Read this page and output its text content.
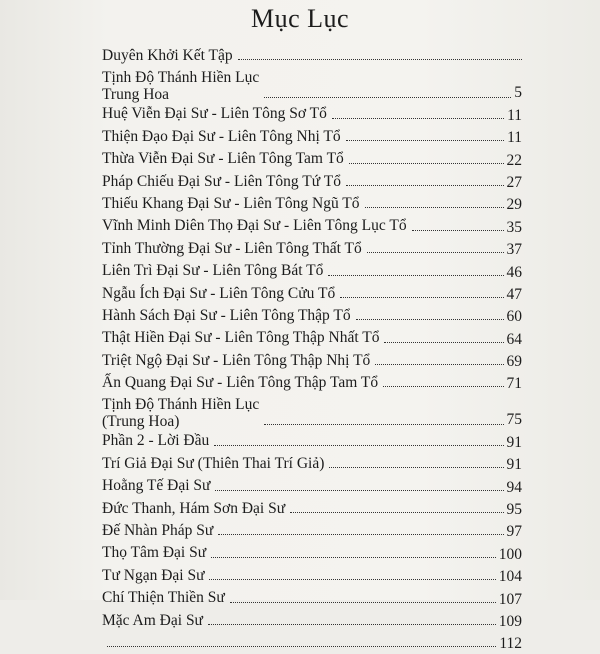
Mục Lục
Duyên Khởi Kết Tập
Tịnh Độ Thánh Hiền Lục
Trung Hoa	5
Huệ Viễn Đại Sư - Liên Tông Sơ Tổ	11
Thiện Đạo Đại Sư - Liên Tông Nhị Tổ	11
Thừa Viễn Đại Sư - Liên Tông Tam Tổ	22
Pháp Chiếu Đại Sư - Liên Tông Tứ Tổ	27
Thiếu Khang Đại Sư - Liên Tông Ngũ Tổ	29
Vĩnh Minh Diên Thọ Đại Sư - Liên Tông Lục Tổ	35
Tỉnh Thường Đại Sư - Liên Tông Thất Tổ	37
Liên Trì Đại Sư - Liên Tông Bát Tổ	46
Ngẫu Ích Đại Sư - Liên Tông Cửu Tổ	47
Hành Sách Đại Sư - Liên Tông Thập Tổ	60
Thật Hiền Đại Sư - Liên Tông Thập Nhất Tổ	64
Triệt Ngộ Đại Sư - Liên Tông Thập Nhị Tổ	69
Ấn Quang Đại Sư - Liên Tông Thập Tam Tổ	71
Tịnh Độ Thánh Hiền Lục
(Trung Hoa)	75
Phần 2 - Lời Đầu	91
Trí Giả Đại Sư (Thiên Thai Trí Giả)	91
Hoằng Tế Đại Sư	94
Đức Thanh, Hám Sơn Đại Sư	95
Đế Nhàn Pháp Sư	97
Thọ Tâm Đại Sư	100
Tư Ngạn Đại Sư	104
Chí Thiện Thiền Sư	107
Mặc Am Đại Sư	109
112
